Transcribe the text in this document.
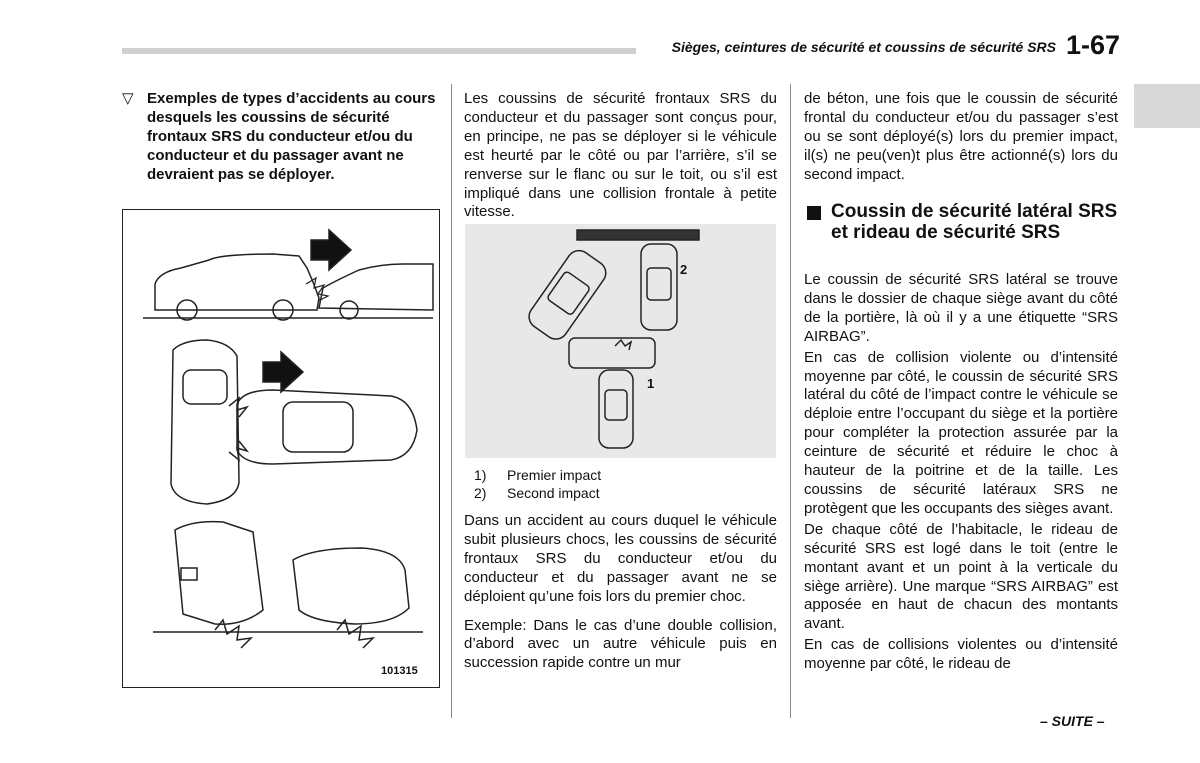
Sièges, ceintures de sécurité et coussins de sécurité SRS 1-67
▽ Exemples de types d’accidents au cours desquels les coussins de sécurité frontaux SRS du conducteur et/ou du conducteur et du passager avant ne devraient pas se déployer.
101315

Les coussins de sécurité frontaux SRS du conducteur et du passager sont conçus pour, en principe, ne pas se déployer si le véhicule est heurté par le côté ou par l’arrière, s’il se renverse sur le flanc ou sur le toit, ou s’il est impliqué dans une collision frontale à petite vitesse.

2
1
1)	Premier impact
2)	Second impact

Dans un accident au cours duquel le véhicule subit plusieurs chocs, les coussins de sécurité frontaux SRS du conducteur et/ou du conducteur et du passager avant ne se déploient qu’une fois lors du premier choc.

Exemple: Dans le cas d’une double collision, d’abord avec un autre véhicule puis en succession rapide contre un mur

de béton, une fois que le coussin de sécurité frontal du conducteur et/ou du passager s’est ou se sont déployé(s) lors du premier impact, il(s) ne peu(ven)t plus être actionné(s) lors du second impact.

Coussin de sécurité latéral SRS et rideau de sécurité SRS

Le coussin de sécurité SRS latéral se trouve dans le dossier de chaque siège avant du côté de la portière, là où il y a une étiquette “SRS AIRBAG”.

En cas de collision violente ou d’intensité moyenne par côté, le coussin de sécurité SRS latéral du côté de l’impact contre le véhicule se déploie entre l’occupant du siège et la portière pour compléter la protection assurée par la ceinture de sécurité et réduire le choc à hauteur de la poitrine et de la taille. Les coussins de sécurité latéraux SRS ne protègent que les occupants des sièges avant.

De chaque côté de l’habitacle, le rideau de sécurité SRS est logé dans le toit (entre le montant avant et un point à la verticale du siège arrière). Une marque “SRS AIRBAG” est apposée en haut de chacun des montants avant.

En cas de collisions violentes ou d’intensité moyenne par côté, le rideau de

– SUITE –
